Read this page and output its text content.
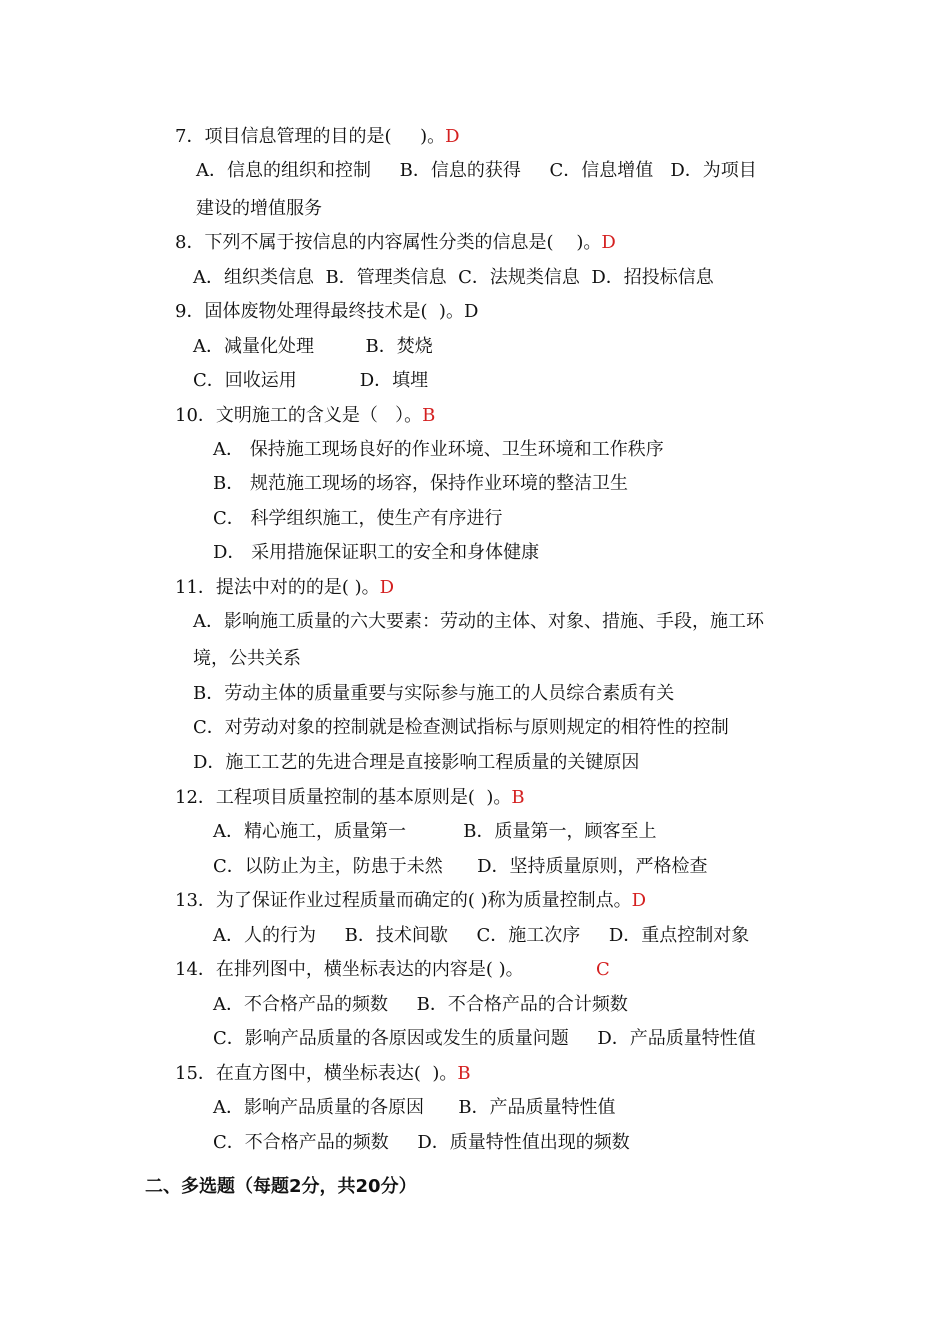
7．项目信息管理的目的是(     )。D
A．信息的组织和控制     B．信息的获得     C．信息增值   D．为项目
建设的增值服务
8．下列不属于按信息的内容属性分类的信息是(    )。D
A．组织类信息  B．管理类信息  C．法规类信息  D．招投标信息
9．固体废物处理得最终技术是(  )。D
A．减量化处理         B．焚烧
C．回收运用           D．填埋
10．文明施工的含义是（   ）。B
A． 保持施工现场良好的作业环境、卫生环境和工作秩序
B． 规范施工现场的场容，保持作业环境的整洁卫生
C． 科学组织施工，使生产有序进行
D． 采用措施保证职工的安全和身体健康
11．提法中对的的是( )。D
A．影响施工质量的六大要素：劳动的主体、对象、措施、手段，施工环
境，公共关系
B．劳动主体的质量重要与实际参与施工的人员综合素质有关
C．对劳动对象的控制就是检查测试指标与原则规定的相符性的控制
D．施工工艺的先进合理是直接影响工程质量的关键原因
12．工程项目质量控制的基本原则是(  )。B
A．精心施工，质量第一          B．质量第一，顾客至上
C．以防止为主，防患于未然      D．坚持质量原则，严格检查
13．为了保证作业过程质量而确定的( )称为质量控制点。D
A．人的行为     B．技术间歇     C．施工次序     D．重点控制对象
14．在排列图中，横坐标表达的内容是( )。	C
A．不合格产品的频数     B．不合格产品的合计频数
C．影响产品质量的各原因或发生的质量问题     D．产品质量特性值
15．在直方图中，横坐标表达(  )。B
A．影响产品质量的各原因      B．产品质量特性值
C．不合格产品的频数     D．质量特性值出现的频数
二、多选题（每题2分，共20分）
